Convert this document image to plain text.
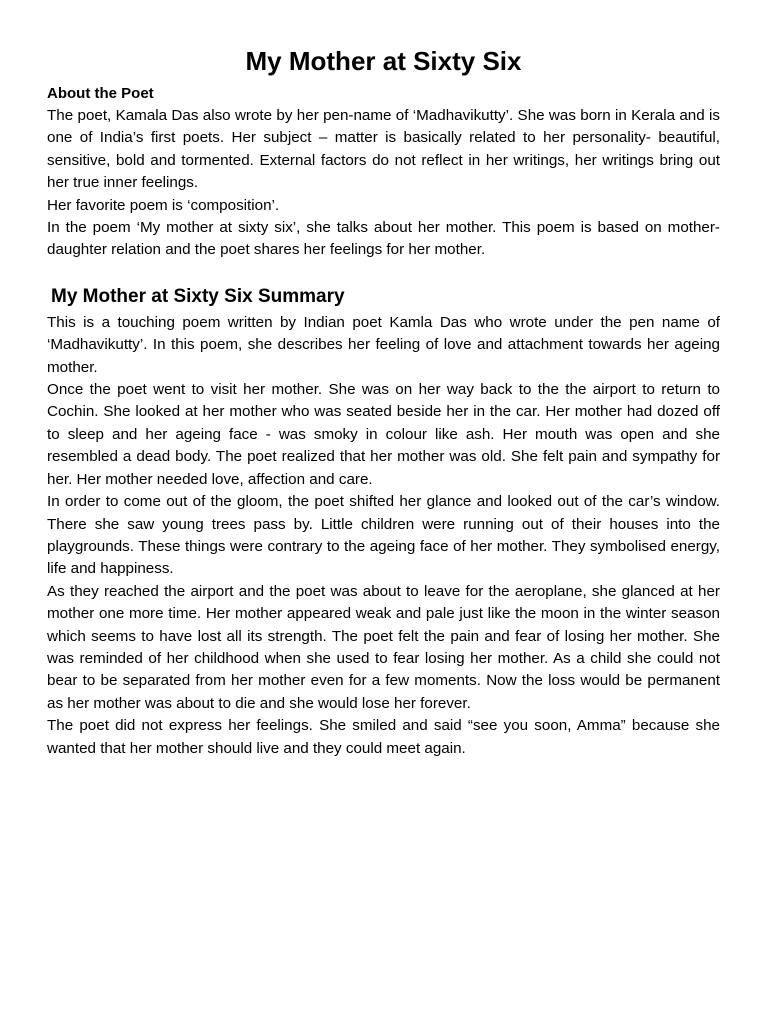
My Mother at Sixty Six

About the Poet

The poet, Kamala Das also wrote by her pen-name of ‘Madhavikutty’. She was born in Kerala and is one of India’s first poets. Her subject – matter is basically related to her personality- beautiful, sensitive, bold and tormented. External factors do not reflect in her writings, her writings bring out her true inner feelings.

Her favorite poem is ‘composition’.

In the poem ‘My mother at sixty six’, she talks about her mother. This poem is based on mother-daughter relation and the poet shares her feelings for her mother.

My Mother at Sixty Six Summary

This is a touching poem written by Indian poet Kamla Das who wrote under the pen name of ‘Madhavikutty’. In this poem, she describes her feeling of love and attachment towards her ageing mother.

Once the poet went to visit her mother. She was on her way back to the the airport to return to Cochin. She looked at her mother who was seated beside her in the car. Her mother had dozed off to sleep and her ageing face - was smoky in colour like ash. Her mouth was open and she resembled a dead body. The poet realized that her mother was old. She felt pain and sympathy for her. Her mother needed love, affection and care.

In order to come out of the gloom, the poet shifted her glance and looked out of the car’s window. There she saw young trees pass by. Little children were running out of their houses into the playgrounds. These things were contrary to the ageing face of her mother. They symbolised energy, life and happiness.

As they reached the airport and the poet was about to leave for the aeroplane, she glanced at her mother one more time. Her mother appeared weak and pale just like the moon in the winter season which seems to have lost all its strength. The poet felt the pain and fear of losing her mother. She was reminded of her childhood when she used to fear losing her mother. As a child she could not bear to be separated from her mother even for a few moments. Now the loss would be permanent as her mother was about to die and she would lose her forever.

The poet did not express her feelings. She smiled and said “see you soon, Amma” because she wanted that her mother should live and they could meet again.
